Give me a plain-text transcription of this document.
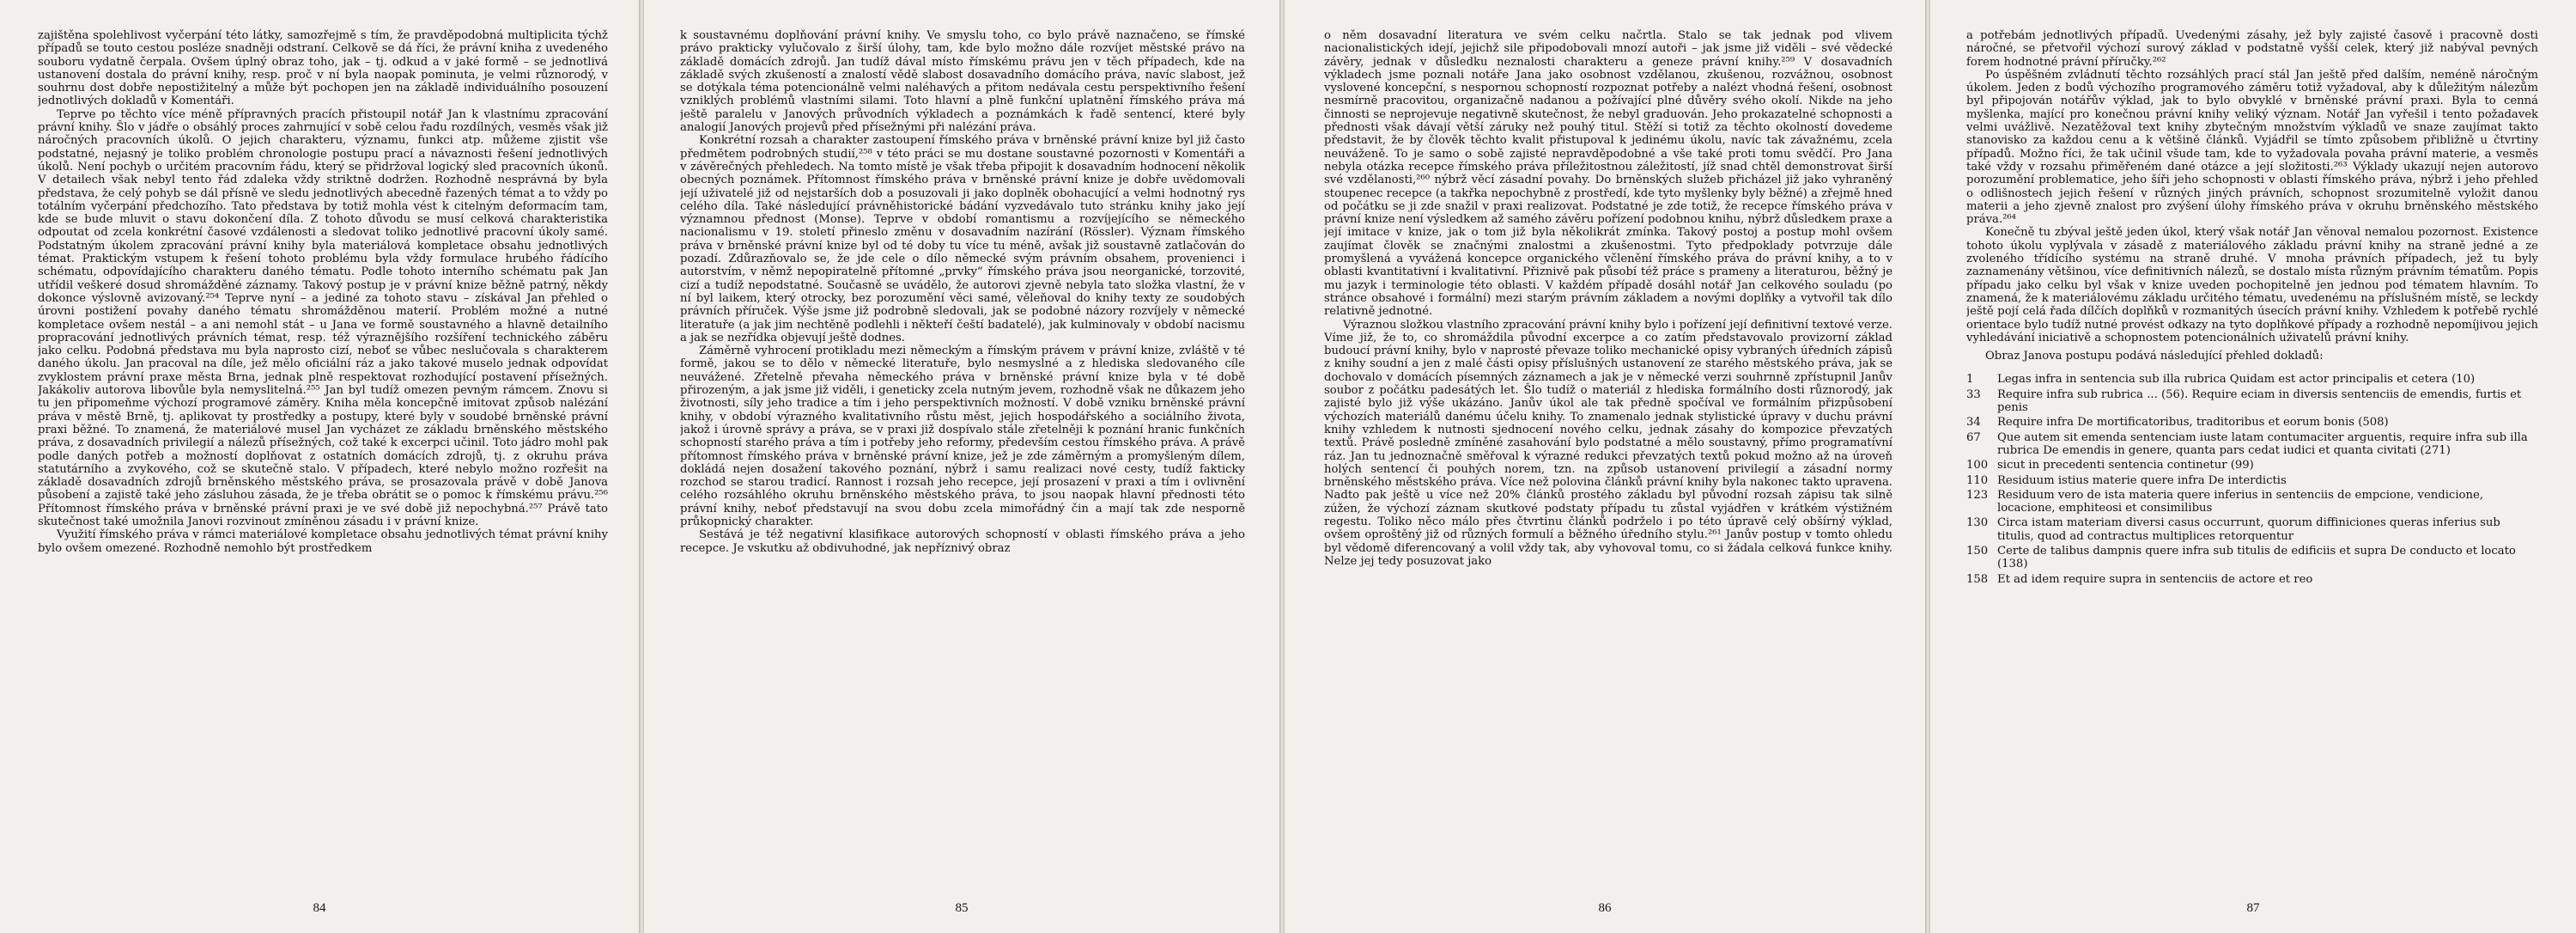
zajištěna spolehlivost vyčerpání této látky, samozřejmě s tím, že pravděpodobná multiplicita týchž případů se touto cestou posléze snadněji odstraní. Celkově se dá říci, že právní kniha z uvedeného souboru vydatně čerpala. Ovšem úplný obraz toho, jak – tj. odkud a v jaké formě – se jednotlivá ustanovení dostala do právní knihy, resp. proč v ní byla naopak pominuta, je velmi různorodý, v souhrnu dost dobře nepostižitelný a může být pochopen jen na základě individuálního posouzení jednotlivých dokladů v Komentáři.

Teprve po těchto více méně přípravných pracích přistoupil notář Jan k vlastnímu zpracování právní knihy. Šlo v jádře o obsáhlý proces zahrnující v sobě celou řadu rozdílných, vesměs však již náročných pracovních úkolů. O jejich charakteru, významu, funkci atp. můžeme zjistit vše podstatné, nejasný je toliko problém chronologie postupu prací a návaznosti řešení jednotlivých úkolů. Není pochyb o určitém pracovním řádu, který se přidržoval logický sled pracovních úkonů. V detailech však nebyl tento řád zdaleka vždy striktně dodržen. Rozhodně nesprávná by byla představa, že celý pohyb se dál přísně ve sledu jednotlivých abecedně řazených témat a to vždy po totálním vyčerpání předchozího. Tato představa by totiž mohla vést k citelným deformacím tam, kde se bude mluvit o stavu dokončení díla. Z tohoto důvodu se musí celková charakteristika odpoutat od zcela konkrétní časové vzdálenosti a sledovat toliko jednotlivé pracovní úkoly samé. Podstatným úkolem zpracování právní knihy byla materiálová kompletace obsahu jednotlivých témat. Praktickým vstupem k řešení tohoto problému byla vždy formulace hrubého řádícího schématu, odpovídajícího charakteru daného tématu. Podle tohoto interního schématu pak Jan utřídil veškeré dosud shromážděné záznamy. Takový postup je v právní knize běžně patrný, někdy dokonce výslovně avizovaný.²⁵⁴ Teprve nyní – a jediné za tohoto stavu – získával Jan přehled o úrovni postižení povahy daného tématu shromážděnou materií. Problém možné a nutné kompletace ovšem nestál – a ani nemohl stát – u Jana ve formě soustavného a hlavně detailního propracování jednotlivých právních témat, resp. též výraznějšího rozšíření technického záběru jako celku. Podobná představa mu byla naprosto cizí, neboť se vůbec neslučovala s charakterem daného úkolu. Jan pracoval na díle, jež mělo oficiální ráz a jako takové muselo jednak odpovídat zvyklostem právní praxe města Brna, jednak plně respektovat rozhodující postavení přísežných. Jakákoliv autorova libovůle byla nemyslitelná.²⁵⁵ Jan byl tudíž omezen pevným rámcem. Znovu si tu jen připomeňme výchozí programové záměry. Kniha měla koncepčně imitovat způsob nalézání práva v městě Brně, tj. aplikovat ty prostředky a postupy, které byly v soudobé brněnské právní praxi běžné. To znamená, že materiálové musel Jan vycházet ze základu brněnského městského práva, z dosavadních privilegií a nálezů přísežných, což také k excerpci učinil. Toto jádro mohl pak podle daných potřeb a možností doplňovat z ostatních domácích zdrojů, tj. z okruhu práva statutárního a zvykového, což se skutečně stalo. V případech, které nebylo možno rozřešit na základě dosavadních zdrojů brněnského městského práva, se prosazovala právě v době Janova působení a zajistě také jeho zásluhou zásada, že je třeba obrátit se o pomoc k římskému právu.²⁵⁶ Přítomnost římského práva v brněnské právní praxi je ve své době již nepochybná.²⁵⁷ Právě tato skutečnost také umožnila Janovi rozvinout zmíněnou zásadu i v právní knize.

Využití římského práva v rámci materiálové kompletace obsahu jednotlivých témat právní knihy bylo ovšem omezené. Rozhodně nemohlo být prostředkem

84

k soustavnému doplňování právní knihy. Ve smyslu toho, co bylo právě naznačeno, se římské právo prakticky vylučovalo z širší úlohy, tam, kde bylo možno dále rozvíjet městské právo na základě domácích zdrojů. Jan tudíž dával místo římskému právu jen v těch případech, kde na základě svých zkušeností a znalostí vědě slabost dosavadního domácího práva, navíc slabost, jež se dotýkala téma potencionálně velmi naléhavých a přitom nedávala cestu perspektivního řešení vzniklých problémů vlastními silami. Toto hlavní a plně funkční uplatnění římského práva má ještě paralelu v Janových průvodních výkladech a poznámkách k řadě sentencí, které byly analogií Janových projevů před přísežnými při nalézání práva.

Konkrétní rozsah a charakter zastoupení římského práva v brněnské právní knize byl již často předmětem podrobných studií,²⁵⁸ v této práci se mu dostane soustavné pozornosti v Komentáři a v závěrečných přehledech. Na tomto místě je však třeba připojit k dosavadním hodnocení několik obecných poznámek. Přítomnost římského práva v brněnské právní knize je dobře uvědomovali její uživatelé již od nejstarších dob a posuzovali ji jako doplněk obohacující a velmi hodnotný rys celého díla. Také následující právněhistorické bádání vyzvedávalo tuto stránku knihy jako její významnou přednost (Monse). Teprve v období romantismu a rozvíjejícího se německého nacionalismu v 19. století přineslo změnu v dosavadním nazírání (Rössler). Význam římského práva v brněnské právní knize byl od té doby tu více tu méně, avšak již soustavně zatlačován do pozadí. Zdůrazňovalo se, že jde cele o dílo německé svým právním obsahem, provenienci i autorstvím, v němž nepopiratelně přítomné „prvky“ římského práva jsou neorganické, torzovité, cizí a tudíž nepodstatné. Současně se uvádělo, že autorovi zjevně nebyla tato složka vlastní, že v ní byl laikem, který otrocky, bez porozumění věci samé, věleňoval do knihy texty ze soudobých právních příruček. Výše jsme již podrobně sledovali, jak se podobné názory rozvíjely v německé literatuře (a jak jim nechtěně podlehli i někteří čeští badatelé), jak kulminovaly v období nacismu a jak se nezřídka objevují ještě dodnes.

Záměrně vyhrocení protikladu mezi německým a římským právem v právní knize, zvláště v té formě, jakou se to dělo v německé literatuře, bylo nesmyslné a z hlediska sledovaného cíle neuvážené. Zřetelně převaha německého práva v brněnské právní knize byla v té době přirozeným, a jak jsme již viděli, i geneticky zcela nutným jevem, rozhodně však ne důkazem jeho životnosti, síly jeho tradice a tím i jeho perspektivních možností. V době vzniku brněnské právní knihy, v období výrazného kvalitativního růstu měst, jejich hospodářského a sociálního života, jakož i úrovně správy a práva, se v praxi již dospívalo stále zřetelněji k poznání hranic funkčních schopností starého práva a tím i potřeby jeho reformy, především cestou římského práva. A právě přítomnost římského práva v brněnské právní knize, jež je zde záměrným a promyšleným dílem, dokládá nejen dosažení takového poznání, nýbrž i samu realizaci nové cesty, tudíž fakticky rozchod se starou tradicí. Rannost i rozsah jeho recepce, její prosazení v praxi a tím i ovlivnění celého rozsáhlého okruhu brněnského městského práva, to jsou naopak hlavní přednosti této právní knihy, neboť představují na svou dobu zcela mimořádný čin a mají tak zde nesporně průkopnický charakter.

Sestává je též negativní klasifikace autorových schopností v oblasti římského práva a jeho recepce. Je vskutku až obdivuhodné, jak nepříznivý obraz

85

o něm dosavadní literatura ve svém celku načrtla. Stalo se tak jednak pod vlivem nacionalistických idejí, jejichž sile připodobovali mnozí autoři – jak jsme již viděli – své vědecké závěry, jednak v důsledku neznalosti charakteru a geneze právní knihy.²⁵⁹ V dosavadních výkladech jsme poznali notáře Jana jako osobnost vzdělanou, zkušenou, rozvážnou, osobnost vyslovené koncepční, s nespornou schopností rozpoznat potřeby a nalézt vhodná řešení, osobnost nesmírně pracovitou, organizačně nadanou a požívající plné důvěry svého okolí. Nikde na jeho činnosti se neprojevuje negativně skutečnost, že nebyl graduován. Jeho prokazatelné schopnosti a přednosti však dávají větší záruky než pouhý titul. Stěží si totiž za těchto okolností dovedeme představit, že by člověk těchto kvalit přistupoval k jedinému úkolu, navíc tak závažnému, zcela neuváženě. To je samo o sobě zajisté nepravděpodobné a vše také proti tomu svědčí. Pro Jana nebyla otázka recepce římského práva příležitostnou záležitostí, jíž snad chtěl demonstrovat širší své vzdělanosti,²⁶⁰ nýbrž věcí zásadní povahy. Do brněnských služeb přicházel již jako vyhraněný stoupenec recepce (a takřka nepochybně z prostředí, kde tyto myšlenky byly běžné) a zřejmě hned od počátku se ji zde snažil v praxi realizovat. Podstatné je zde totiž, že recepce římského práva v právní knize není výsledkem až samého závěru pořízení podobnou knihu, nýbrž důsledkem praxe a její imitace v knize, jak o tom již byla několikrát zmínka. Takový postoj a postup mohl ovšem zaujímat člověk se značnými znalostmi a zkušenostmi. Tyto předpoklady potvrzuje dále promyšlená a vyvážená koncepce organického včlenění římského práva do právní knihy, a to v oblasti kvantitativní i kvalitativní. Přiznivě pak působí též práce s prameny a literaturou, běžný je mu jazyk i terminologie této oblasti. V každém případě dosáhl notář Jan celkového souladu (po stránce obsahové i formální) mezi starým právním základem a novými doplňky a vytvořil tak dílo relativně jednotné.

Výraznou složkou vlastního zpracování právní knihy bylo i pořízení její definitivní textové verze. Víme již, že to, co shromáždila původní excerpce a co zatím představovalo provizorní základ budoucí právní knihy, bylo v naprosté převaze toliko mechanické opisy vybraných úředních zápisů z knihy soudní a jen z malé části opisy příslušných ustanovení ze starého městského práva, jak se dochovalo v domácích písemných záznamech a jak je v německé verzi souhrnně zpřístupnil Janův soubor z počátku padesátých let. Šlo tudíž o materiál z hlediska formálního dosti různorodý, jak zajisté bylo již výše ukázáno. Janův úkol ale tak předně spočíval ve formálním přizpůsobení výchozích materiálů danému účelu knihy. To znamenalo jednak stylistické úpravy v duchu právní knihy vzhledem k nutnosti sjednocení nového celku, jednak zásahy do kompozice převzatých textů. Právě posledně zmíněné zasahování bylo podstatné a mělo soustavný, přímo programatívní ráz. Jan tu jednoznačně směřoval k výrazné redukci převzatých textů pokud možno až na úroveň holých sentencí či pouhých norem, tzn. na způsob ustanovení privilegií a zásadní normy brněnského městského práva. Více než polovina článků právní knihy byla nakonec takto upravena. Nadto pak ještě u více než 20% článků prostého základu byl původní rozsah zápisu tak silně zúžen, že výchozí záznam skutkové podstaty případu tu zůstal vyjádřen v krátkém výstižném regestu. Toliko něco málo přes čtvrtinu článků podrželo i po této úpravě celý obšírný výklad, ovšem oproštěný již od různých formulí a běžného úředního stylu.²⁶¹ Janův postup v tomto ohledu byl vědomě diferencovaný a volil vždy tak, aby vyhovoval tomu, co si žádala celková funkce knihy. Nelze jej tedy posuzovat jako

86

a potřebám jednotlivých případů. Uvedenými zásahy, jež byly zajisté časově i pracovně dosti náročné, se přetvořil výchozí surový základ v podstatně vyšší celek, který již nabýval pevných forem hodnotné právní příručky.²⁶²

Po úspěšném zvládnutí těchto rozsáhlých prací stál Jan ještě před dalším, neméně náročným úkolem. Jeden z bodů výchozího programového záměru totiž vyžadoval, aby k důležitým nálezům byl připojován notářův výklad, jak to bylo obvyklé v brněnské právní praxi. Byla to cenná myšlenka, mající pro konečnou právní knihy veliký význam. Notář Jan vyřešil i tento požadavek velmi uvážlivě. Nezatěžoval text knihy zbytečným množstvím výkladů ve snaze zaujímat takto stanovisko za každou cenu a k většině článků. Vyjádřil se tímto způsobem přibližně u čtvrtiny případů. Možno říci, že tak učinil všude tam, kde to vyžadovala povaha právní materie, a vesměs také vždy v rozsahu přiměřeném dané otázce a její složitosti.²⁶³ Výklady ukazují nejen autorovo porozumění problematice, jeho šíři jeho schopnosti v oblasti římského práva, nýbrž i jeho přehled o odlišnostech jejich řešení v různých jiných právních, schopnost srozumitelně vyložit danou materii a jeho zjevně znalost pro zvýšení úlohy římského práva v okruhu brněnského městského práva.²⁶⁴

Konečně tu zbýval ještě jeden úkol, který však notář Jan věnoval nemalou pozornost. Existence tohoto úkolu vyplývala v zásadě z materiálového základu právní knihy na straně jedné a ze zvoleného třídícího systému na straně druhé. V mnoha právních případech, jež tu byly zaznamenány většinou, více definitivních nálezů, se dostalo místa různým právním tématům. Popis případu jako celku byl však v knize uveden pochopitelně jen jednou pod tématem hlavním. To znamená, že k materiálovému základu určitého tématu, uvedenému na příslušném místě, se leckdy ještě pojí celá řada dílčích doplňků v rozmanitých úsecích právní knihy. Vzhledem k potřebě rychlé orientace bylo tudíž nutné provést odkazy na tyto doplňkové případy a rozhodně nepomíjivou jejich vyhledávání iniciativě a schopnostem potencionálních uživatelů právní knihy.

Obraz Janova postupu podává následující přehled dokladů:

1	Legas infra in sentencia sub illa rubrica Quidam est actor principalis et cetera (10)
33	Require infra sub rubrica ... (56). Require eciam in diversis sentenciis de emendis, furtis et penis
34	Require infra De mortificatoribus, traditoribus et eorum bonis (508)
67	Que autem sit emenda sentenciam iuste latam contumaciter arguentis, require infra sub illa rubrica De emendis in genere, quanta pars cedat iudici et quanta civitati (271)
100 sicut in precedenti sentencia continetur (99)
110 Residuum istius materie quere infra De interdictis
123 Residuum vero de ista materia quere inferius in sentenciis de empcione, vendicione, locacione, emphiteosi et consimilibus
130 Circa istam materiam diversi casus occurrunt, quorum diffiniciones queras inferius sub titulis, quod ad contractus multiplices retorquentur
150 Certe de talibus dampnis quere infra sub titulis de edificiis et supra De conducto et locato (138)
158 Et ad idem require supra in sentenciis de actore et reo
87
